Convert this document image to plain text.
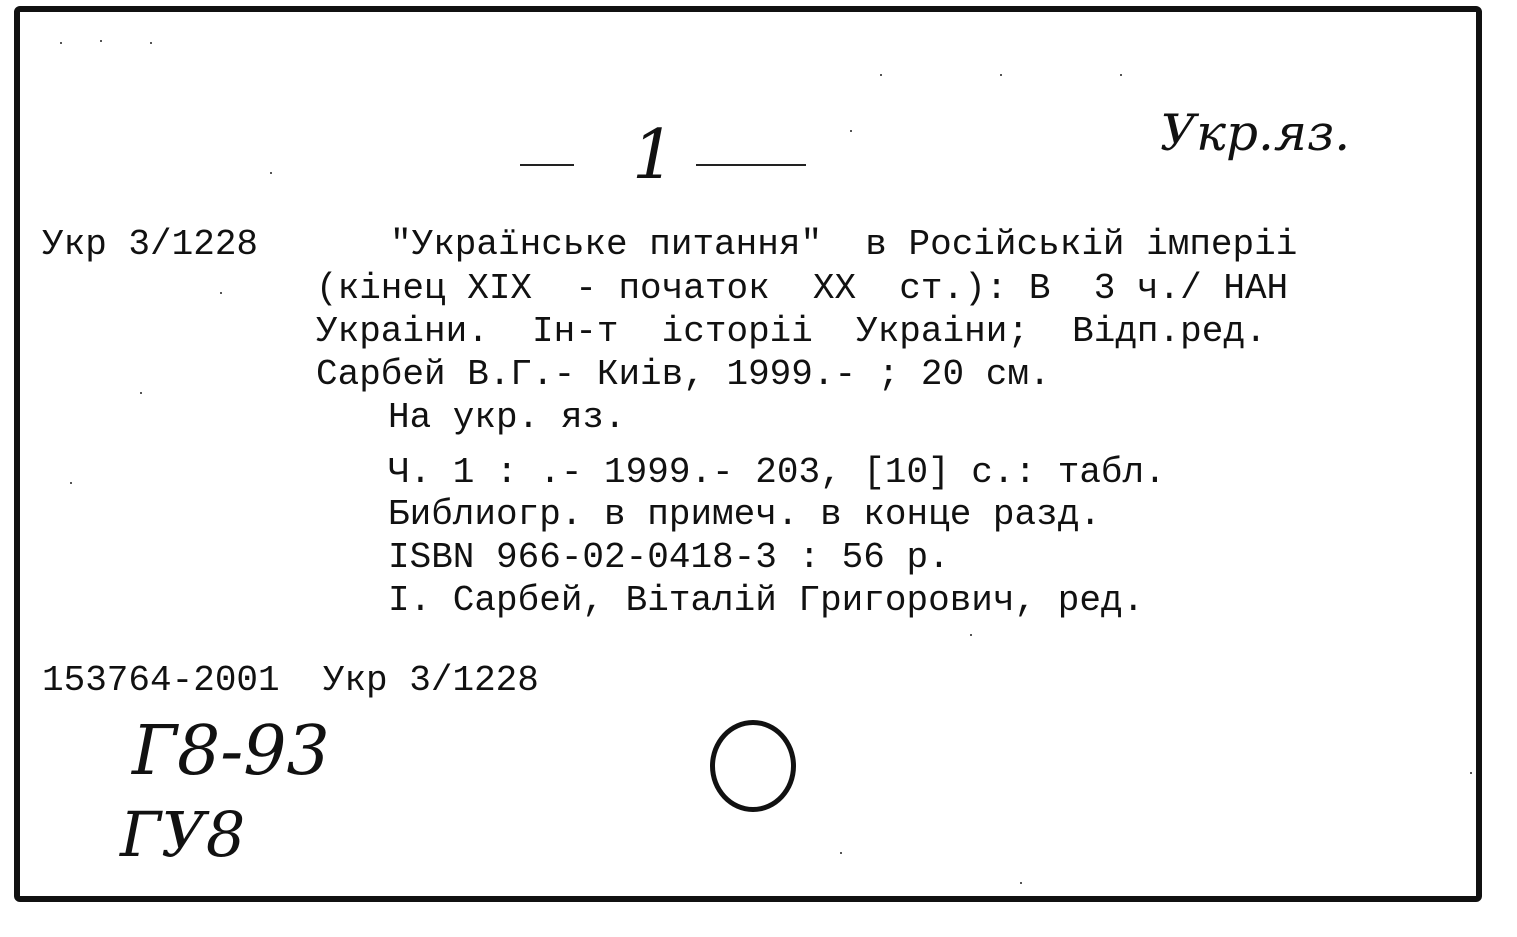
1	Укр.яз.
Укр 3/1228	"Українське питання"  в Російській імперіі
(кінец XIX  - початок  XX  ст.): В  3 ч./ НАН
Украіни.  Ін-т  історіі  Украіни;  Відп.ред.
Сарбей В.Г.- Киів, 1999.- ; 20 см.
На укр. яз.
Ч. 1 : .- 1999.- 203, [10] с.: табл.
Библиогр. в примеч. в конце разд.
ISBN 966-02-0418-3 : 56 р.
I. Сарбей, Віталій Григорович, ред.
153764-2001  Укр 3/1228
Г8-93
ГУ8
